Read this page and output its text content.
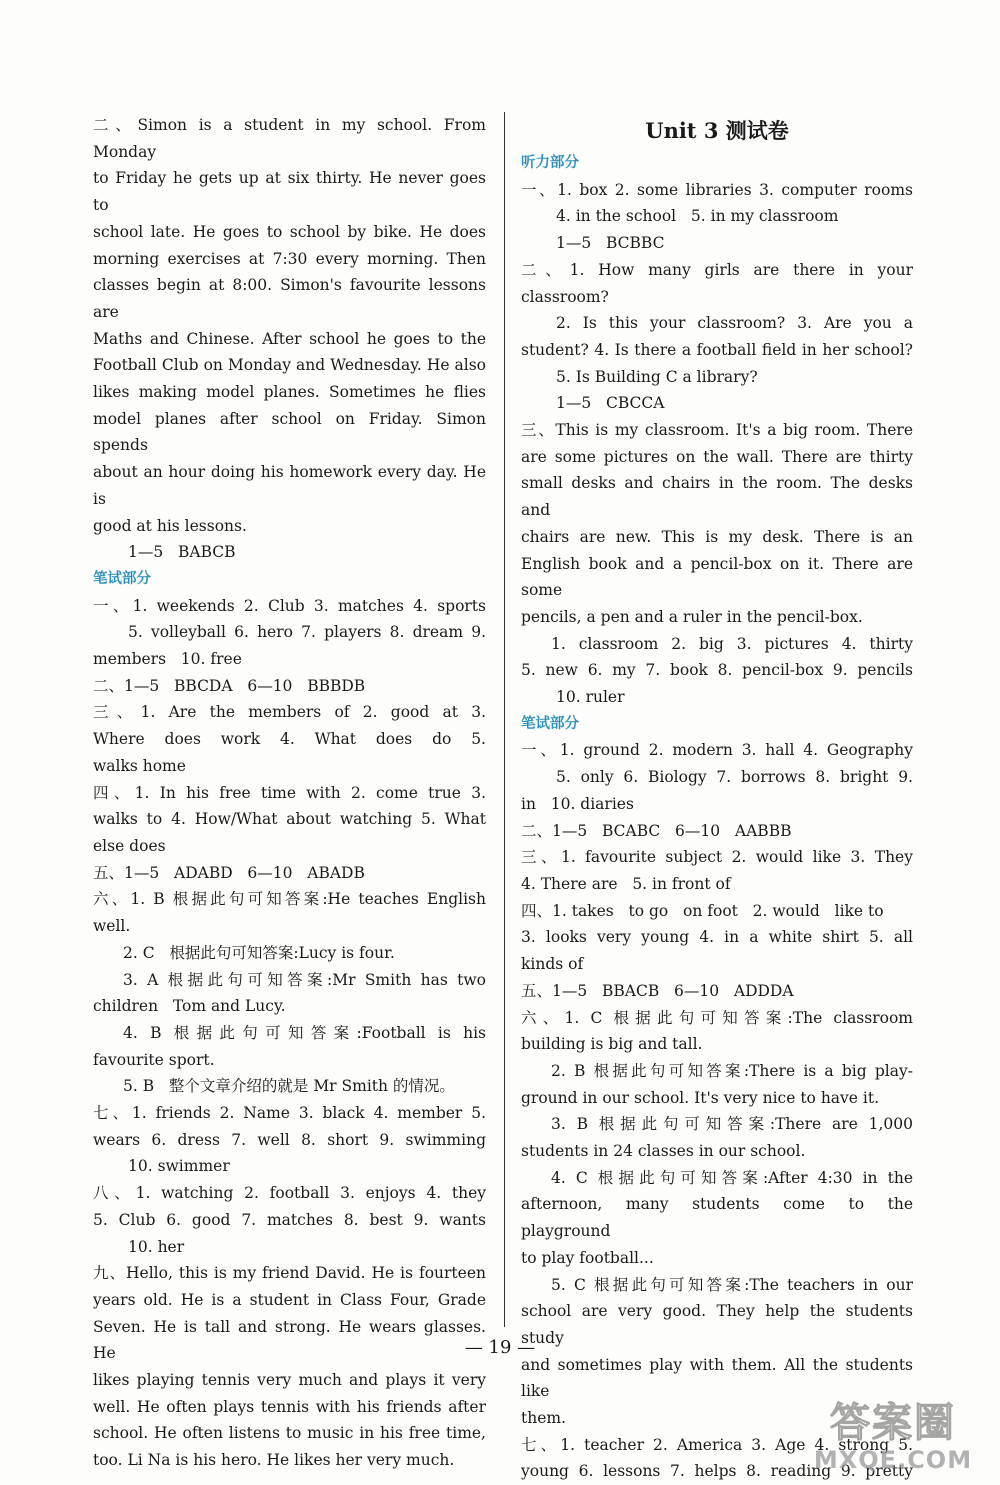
二、Simon is a student in my school. From Monday
to Friday he gets up at six thirty. He never goes to
school late. He goes to school by bike. He does
morning exercises at 7:30 every morning. Then
classes begin at 8:00. Simon's favourite lessons are
Maths and Chinese. After school he goes to the
Football Club on Monday and Wednesday. He also
likes making model planes. Sometimes he flies
model planes after school on Friday. Simon spends
about an hour doing his homework every day. He is
good at his lessons.
1—5   BABCB
笔试部分
一、1. weekends 2. Club 3. matches 4. sports
5. volleyball 6. hero 7. players 8. dream 9.
members   10. free
二、1—5   BBCDA   6—10   BBBDB
三、1. Are the members of 2. good at 3.
Where does work 4. What does do 5.
walks home
四、1. In his free time with 2. come true 3.
walks to 4. How/What about watching 5. What
else does
五、1—5   ADABD   6—10   ABADB
六、1. B 根据此句可知答案:He teaches English
well.
2. C   根据此句可知答案:Lucy is four.
3. A 根据此句可知答案:Mr Smith has two
children   Tom and Lucy.
4. B 根据此句可知答案:Football is his
favourite sport.
5. B   整个文章介绍的就是 Mr Smith 的情况。
七、1. friends 2. Name 3. black 4. member 5.
wears 6. dress 7. well 8. short 9. swimming
10. swimmer
八、1. watching 2. football 3. enjoys 4. they
5. Club 6. good 7. matches 8. best 9. wants
10. her
九、Hello, this is my friend David. He is fourteen
years old. He is a student in Class Four, Grade
Seven. He is tall and strong. He wears glasses. He
likes playing tennis very much and plays it very
well. He often plays tennis with his friends after
school. He often listens to music in his free time,
too. Li Na is his hero. He likes her very much.
Unit 3 测试卷
听力部分
一、1. box 2. some libraries 3. computer rooms
4. in the school   5. in my classroom
1—5   BCBBC
二、1. How many girls are there in your classroom?
2. Is this your classroom? 3. Are you a
student? 4. Is there a football field in her school?
5. Is Building C a library?
1—5   CBCCA
三、This is my classroom. It's a big room. There
are some pictures on the wall. There are thirty
small desks and chairs in the room. The desks and
chairs are new. This is my desk. There is an
English book and a pencil-box on it. There are some
pencils, a pen and a ruler in the pencil-box.
1. classroom 2. big 3. pictures 4. thirty
5. new 6. my 7. book 8. pencil-box 9. pencils
10. ruler
笔试部分
一、1. ground 2. modern 3. hall 4. Geography
5. only 6. Biology 7. borrows 8. bright 9.
in   10. diaries
二、1—5   BCABC   6—10   AABBB
三、1. favourite subject 2. would like 3. They
4. There are   5. in front of
四、1. takes   to go   on foot   2. would   like to
3. looks very young 4. in a white shirt 5. all
kinds of
五、1—5   BBACB   6—10   ADDDA
六、1. C 根据此句可知答案:The classroom
building is big and tall.
2. B 根据此句可知答案:There is a big play-
ground in our school. It's very nice to have it.
3. B 根据此句可知答案:There are 1,000
students in 24 classes in our school.
4. C 根据此句可知答案:After 4:30 in the
afternoon, many students come to the playground
to play football...
5. C 根据此句可知答案:The teachers in our
school are very good. They help the students study
and sometimes play with them. All the students like
them.
七、1. teacher 2. America 3. Age 4. strong 5.
young 6. lessons 7. helps 8. reading 9. pretty
— 19 —
答案圈
MXQE.COM
